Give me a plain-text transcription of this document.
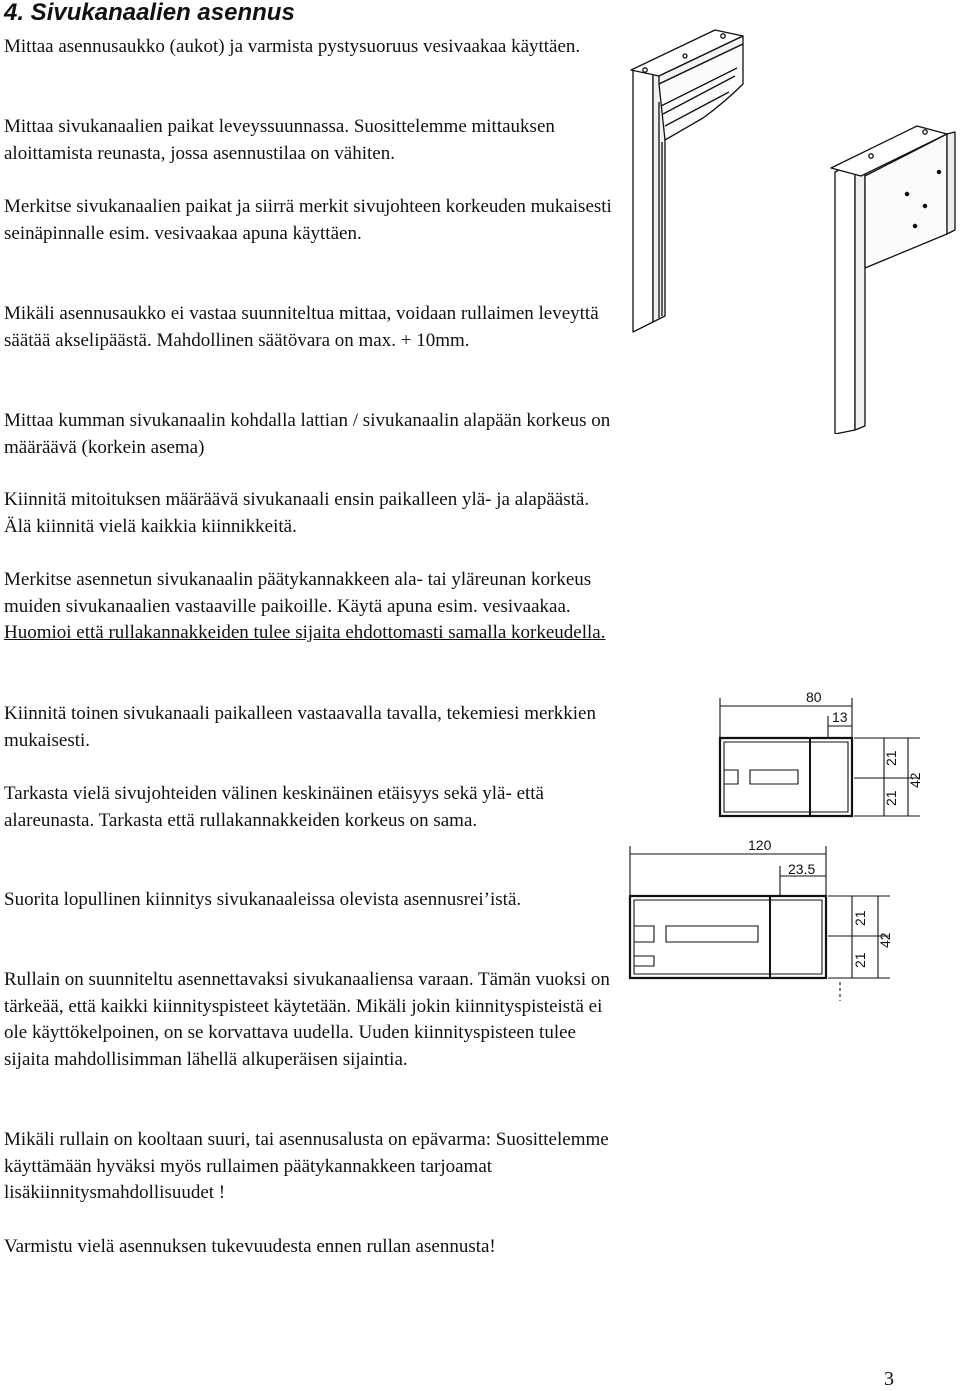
4. Sivukanaalien asennus

Mittaa asennusaukko (aukot) ja varmista pystysuoruus vesivaakaa käyttäen.

Mittaa sivukanaalien paikat leveyssuunnassa. Suosittelemme mittauksen aloittamista reunasta, jossa asennustilaa on vähiten.

Merkitse sivukanaalien paikat ja siirrä merkit sivujohteen korkeuden mukaisesti seinäpinnalle esim. vesivaakaa apuna käyttäen.

Mikäli asennusaukko ei vastaa suunniteltua mittaa, voidaan rullaimen leveyttä säätää akselipäästä. Mahdollinen säätövara on max. + 10mm.

Mittaa kumman sivukanaalin kohdalla lattian / sivukanaalin alapään korkeus on määräävä (korkein asema)

Kiinnitä mitoituksen määräävä sivukanaali ensin paikalleen ylä- ja alapäästä. Älä kiinnitä vielä kaikkia kiinnikkeitä.

Merkitse asennetun sivukanaalin päätykannakkeen ala- tai yläreunan korkeus muiden sivukanaalien vastaaville paikoille. Käytä apuna esim. vesivaakaa. Huomioi että rullakannakkeiden tulee sijaita ehdottomasti samalla korkeudella.

Kiinnitä toinen sivukanaali paikalleen vastaavalla tavalla, tekemiesi merkkien mukaisesti.

Tarkasta vielä sivujohteiden välinen keskinäinen etäisyys sekä ylä- että alareunasta. Tarkasta että rullakannakkeiden korkeus on sama.

Suorita lopullinen kiinnitys sivukanaaleissa olevista asennusrei’istä.

Rullain on suunniteltu asennettavaksi sivukanaaliensa varaan. Tämän vuoksi on tärkeää, että kaikki kiinnityspisteet käytetään. Mikäli jokin kiinnityspisteistä ei ole käyttökelpoinen, on se korvattava uudella. Uuden kiinnityspisteen tulee sijaita mahdollisimman lähellä alkuperäisen sijaintia.

Mikäli rullain on kooltaan suuri, tai asennusalusta on epävarma: Suosittelemme käyttämään hyväksi myös rullaimen päätykannakkeen tarjoamat lisäkiinnitysmahdollisuudet !

Varmistu vielä asennuksen tukevuudesta ennen rullan asennusta!

80
13
21
21
42
120
23.5
21
21
42
3
